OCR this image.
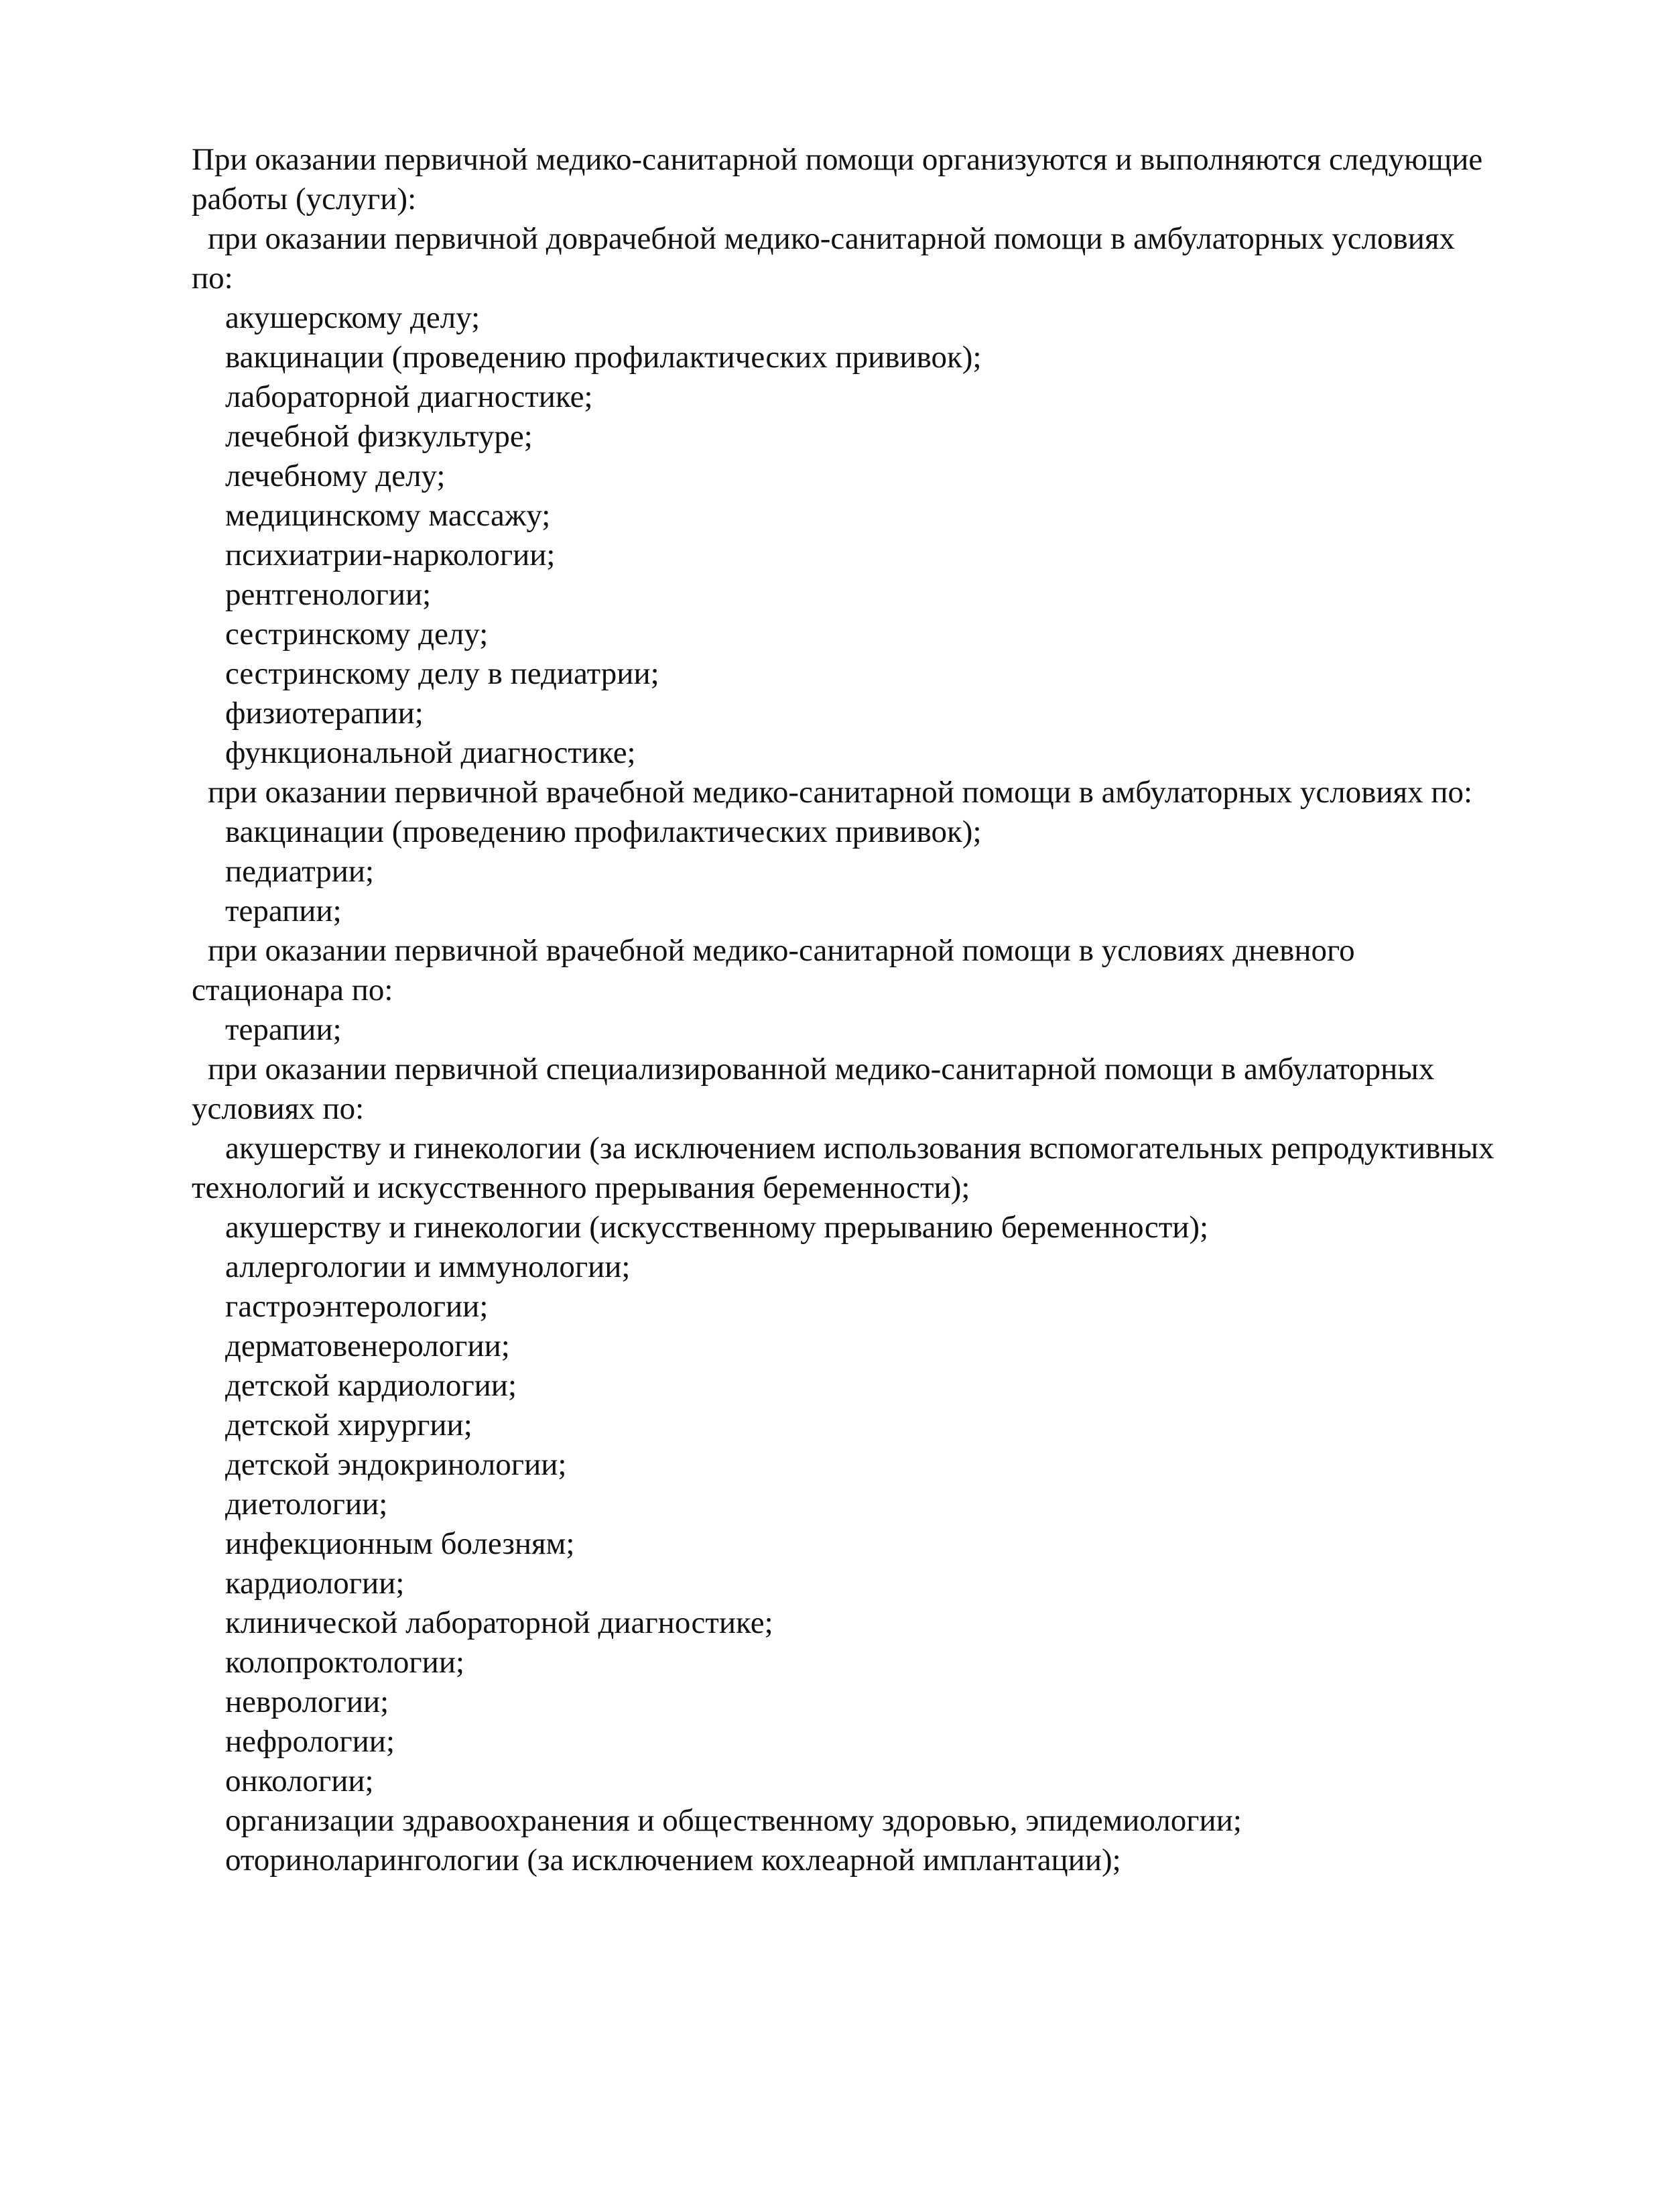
При оказании первичной медико-санитарной помощи организуются и выполняются следующие

работы (услуги):

при оказании первичной доврачебной медико-санитарной помощи в амбулаторных условиях

по:

акушерскому делу;

вакцинации (проведению профилактических прививок);

лабораторной диагностике;

лечебной физкультуре;

лечебному делу;

медицинскому массажу;

психиатрии-наркологии;

рентгенологии;

сестринскому делу;

сестринскому делу в педиатрии;

физиотерапии;

функциональной диагностике;

при оказании первичной врачебной медико-санитарной помощи в амбулаторных условиях по:

вакцинации (проведению профилактических прививок);

педиатрии;

терапии;

при оказании первичной врачебной медико-санитарной помощи в условиях дневного

стационара по:

терапии;

при оказании первичной специализированной медико-санитарной помощи в амбулаторных

условиях по:

акушерству и гинекологии (за исключением использования вспомогательных репродуктивных

технологий и искусственного прерывания беременности);

акушерству и гинекологии (искусственному прерыванию беременности);

аллергологии и иммунологии;

гастроэнтерологии;

дерматовенерологии;

детской кардиологии;

детской хирургии;

детской эндокринологии;

диетологии;

инфекционным болезням;

кардиологии;

клинической лабораторной диагностике;

колопроктологии;

неврологии;

нефрологии;

онкологии;

организации здравоохранения и общественному здоровью, эпидемиологии;

оториноларингологии (за исключением кохлеарной имплантации);
